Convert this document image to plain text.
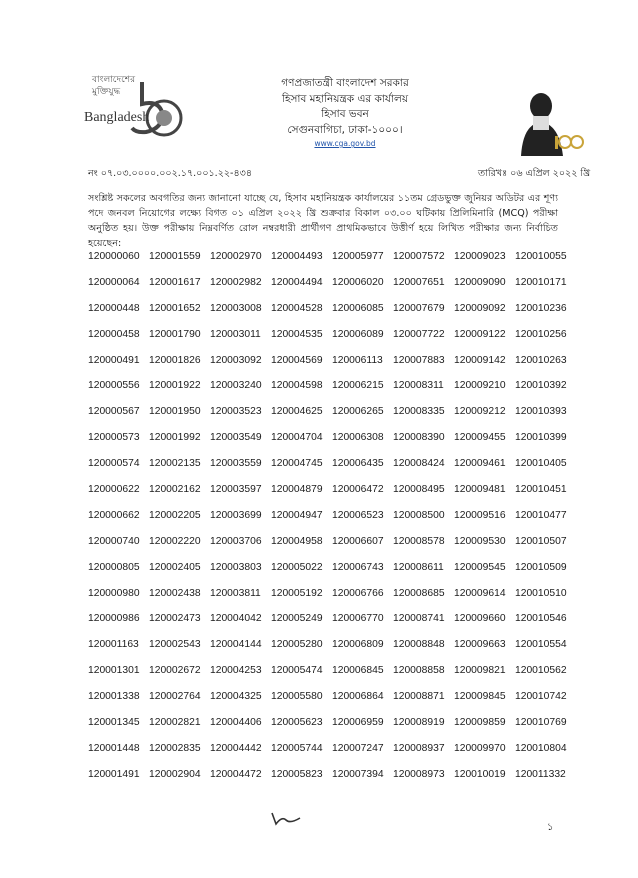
বাংলাদেশের
মুক্তিযুদ্ধ
Bangladesh
গণপ্রজাতন্ত্রী বাংলাদেশ সরকার
হিসাব মহানিয়ন্ত্রক এর কার্যালয়
হিসাব ভবন
সেগুনবাগিচা, ঢাকা-১০০০।
www.cga.gov.bd
নং ০৭.০৩.০০০০.০০২.১৭.০০১.২২-৪৩৪	তারিখঃ ০৬ এপ্রিল ২০২২ খ্রি
সংশ্লিষ্ট সকলের অবগতির জন্য জানানো যাচ্ছে যে, হিসাব মহানিয়ন্ত্রক কার্যালয়ের ১১তম গ্রেডভুক্ত জুনিয়র অডিটর এর শূণ্য পদে জনবল নিয়োগের লক্ষ্যে বিগত ০১ এপ্রিল ২০২২ খ্রি শুক্রবার বিকাল ০৩.০০ ঘটিকায় প্রিলিমিনারি (MCQ) পরীক্ষা অনুষ্ঠিত হয়। উক্ত পরীক্ষায় নিম্নবর্ণিত রোল নম্বরধারী প্রার্থীগণ প্রাথমিকভাবে উত্তীর্ণ হয়ে লিখিত পরীক্ষার জন্য নির্বাচিত হয়েছেন:
120000060 120001559 120002970 120004493 120005977 120007572 120009023 120010055
120000064 120001617 120002982 120004494 120006020 120007651 120009090 120010171
120000448 120001652 120003008 120004528 120006085 120007679 120009092 120010236
120000458 120001790 120003011 120004535 120006089 120007722 120009122 120010256
120000491 120001826 120003092 120004569 120006113 120007883 120009142 120010263
120000556 120001922 120003240 120004598 120006215 120008311 120009210 120010392
120000567 120001950 120003523 120004625 120006265 120008335 120009212 120010393
120000573 120001992 120003549 120004704 120006308 120008390 120009455 120010399
120000574 120002135 120003559 120004745 120006435 120008424 120009461 120010405
120000622 120002162 120003597 120004879 120006472 120008495 120009481 120010451
120000662 120002205 120003699 120004947 120006523 120008500 120009516 120010477
120000740 120002220 120003706 120004958 120006607 120008578 120009530 120010507
120000805 120002405 120003803 120005022 120006743 120008611 120009545 120010509
120000980 120002438 120003811 120005192 120006766 120008685 120009614 120010510
120000986 120002473 120004042 120005249 120006770 120008741 120009660 120010546
120001163 120002543 120004144 120005280 120006809 120008848 120009663 120010554
120001301 120002672 120004253 120005474 120006845 120008858 120009821 120010562
120001338 120002764 120004325 120005580 120006864 120008871 120009845 120010742
120001345 120002821 120004406 120005623 120006959 120008919 120009859 120010769
120001448 120002835 120004442 120005744 120007247 120008937 120009970 120010804
120001491 120002904 120004472 120005823 120007394 120008973 120010019 120011332
১
